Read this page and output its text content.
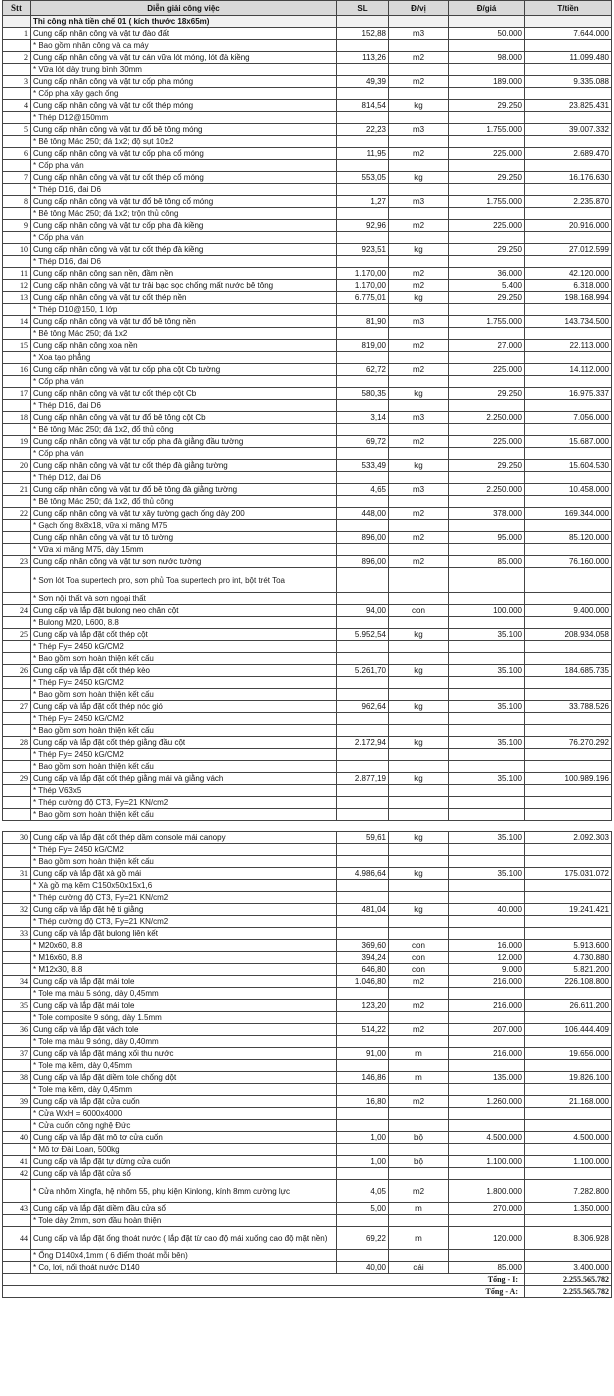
Stt	Diễn giải công việc	SL	Đ/vị	Đ/giá	T/tiền
	Thi công nhà tiền chế 01 ( kích thước 18x65m)				
1	Cung cấp nhân công và vật tư đào đất	152,88	m3	50.000	7.644.000
	* Bao gồm nhân công và ca máy				
2	Cung cấp nhân công và vật tư cán vữa lót móng, lót đà kiềng	113,26	m2	98.000	11.099.480
	* Vữa lót dày trung bình 30mm				
3	Cung cấp nhân công và vật tư cốp pha móng	49,39	m2	189.000	9.335.088
	* Cốp pha xây gạch ống				
4	Cung cấp nhân công và vật tư cốt thép móng	814,54	kg	29.250	23.825.431
	* Thép D12@150mm				
5	Cung cấp nhân công và vật tư đổ bê tông móng	22,23	m3	1.755.000	39.007.332
	* Bê tông Mác 250; đá 1x2; độ sụt 10±2				
6	Cung cấp nhân công và vật tư cốp pha cổ móng	11,95	m2	225.000	2.689.470
	* Cốp pha ván				
7	Cung cấp nhân công và vật tư cốt thép cổ móng	553,05	kg	29.250	16.176.630
	* Thép D16, đai D6				
8	Cung cấp nhân công và vật tư đổ bê tông cổ móng	1,27	m3	1.755.000	2.235.870
	* Bê tông Mác 250; đá 1x2; trộn thủ công				
9	Cung cấp nhân công và vật tư cốp pha đà kiềng	92,96	m2	225.000	20.916.000
	* Cốp pha ván				
10	Cung cấp nhân công và vật tư cốt thép đà kiềng	923,51	kg	29.250	27.012.599
	* Thép D16, đai D6				
11	Cung cấp nhân công san nền, đầm nền	1.170,00	m2	36.000	42.120.000
12	Cung cấp nhân công và vật tư trải bạc sọc chống mất nước bê tông	1.170,00	m2	5.400	6.318.000
13	Cung cấp nhân công và vật tư cốt thép nền	6.775,01	kg	29.250	198.168.994
	* Thép D10@150, 1 lớp				
14	Cung cấp nhân công và vật tư đổ bê tông nền	81,90	m3	1.755.000	143.734.500
	* Bê tông Mác 250; đá 1x2				
15	Cung cấp nhân công xoa nền	819,00	m2	27.000	22.113.000
	* Xoa tạo phẳng				
16	Cung cấp nhân công và vật tư cốp pha cột Cb tường	62,72	m2	225.000	14.112.000
	* Cốp pha ván				
17	Cung cấp nhân công và vật tư cốt thép cột Cb	580,35	kg	29.250	16.975.337
	* Thép D16, đai D6				
18	Cung cấp nhân công và vật tư đổ bê tông cột Cb	3,14	m3	2.250.000	7.056.000
	* Bê tông Mác 250; đá 1x2, đổ thủ công				
19	Cung cấp nhân công và vật tư cốp pha đà giằng đầu tường	69,72	m2	225.000	15.687.000
	* Cốp pha ván				
20	Cung cấp nhân công và vật tư cốt thép đà giằng tường	533,49	kg	29.250	15.604.530
	* Thép D12, đai D6				
21	Cung cấp nhân công và vật tư đổ bê tông đà giằng tường	4,65	m3	2.250.000	10.458.000
	* Bê tông Mác 250; đá 1x2, đổ thủ công				
22	Cung cấp nhân công và vật tư xây tường gạch ống dày 200	448,00	m2	378.000	169.344.000
	* Gạch ống 8x8x18, vữa xi măng M75				
	Cung cấp nhân công và vật tư tô tường	896,00	m2	95.000	85.120.000
	* Vữa xi măng M75, dày 15mm				
23	Cung cấp nhân công và vật tư sơn nước tường	896,00	m2	85.000	76.160.000
	* Sơn lót Toa supertech pro, sơn phủ Toa supertech pro int, bột trét Toa				
	* Sơn nội thất và sơn ngoại thất				
24	Cung cấp và lắp đặt bulong neo chân cột	94,00	con	100.000	9.400.000
	* Bulong M20, L600, 8.8				
25	Cung cấp và lắp đặt cốt thép cột	5.952,54	kg	35.100	208.934.058
	* Thép Fy= 2450 kG/CM2				
	* Bao gồm sơn hoàn thiện kết cấu				
26	Cung cấp và lắp đặt cốt thép kèo	5.261,70	kg	35.100	184.685.735
	* Thép Fy= 2450 kG/CM2				
	* Bao gồm sơn hoàn thiện kết cấu				
27	Cung cấp và lắp đặt cốt thép nóc gió	962,64	kg	35.100	33.788.526
	* Thép Fy= 2450 kG/CM2				
	* Bao gồm sơn hoàn thiện kết cấu				
28	Cung cấp và lắp đặt cốt thép giằng đầu cột	2.172,94	kg	35.100	76.270.292
	* Thép Fy= 2450 kG/CM2				
	* Bao gồm sơn hoàn thiện kết cấu				
29	Cung cấp và lắp đặt cốt thép giằng mái và giằng vách	2.877,19	kg	35.100	100.989.196
	* Thép V63x5				
	* Thép cường độ CT3, Fy=21 KN/cm2				
	* Bao gồm sơn hoàn thiện kết cấu				
30	Cung cấp và lắp đặt cốt thép dầm console mái canopy	59,61	kg	35.100	2.092.303
	* Thép Fy= 2450 kG/CM2				
	* Bao gồm sơn hoàn thiện kết cấu				
31	Cung cấp và lắp đặt xà gồ mái	4.986,64	kg	35.100	175.031.072
	* Xà gồ mạ kẽm C150x50x15x1,6				
	* Thép cường độ CT3, Fy=21 KN/cm2				
32	Cung cấp và lắp đặt hệ ti giằng	481,04	kg	40.000	19.241.421
	* Thép cường độ CT3, Fy=21 KN/cm2				
33	Cung cấp và lắp đặt bulong liên kết				
	* M20x60, 8.8	369,60	con	16.000	5.913.600
	* M16x60, 8.8	394,24	con	12.000	4.730.880
	* M12x30, 8.8	646,80	con	9.000	5.821.200
34	Cung cấp và lắp đặt mái tole	1.046,80	m2	216.000	226.108.800
	* Tole mạ màu 5 sóng, dày 0,45mm				
35	Cung cấp và lắp đặt mái tole	123,20	m2	216.000	26.611.200
	* Tole composite 9 sóng, dày 1.5mm				
36	Cung cấp và lắp đặt vách tole	514,22	m2	207.000	106.444.409
	* Tole mạ màu 9 sóng, dày 0,40mm				
37	Cung cấp và lắp đặt máng xối thu nước	91,00	m	216.000	19.656.000
	* Tole mạ kẽm, dày 0,45mm				
38	Cung cấp và lắp đặt diềm tole chống dột	146,86	m	135.000	19.826.100
	* Tole mạ kẽm, dày 0,45mm				
39	Cung cấp và lắp đặt cửa cuốn	16,80	m2	1.260.000	21.168.000
	* Cửa WxH = 6000x4000				
	* Cửa cuốn công nghệ Đức				
40	Cung cấp và lắp đặt mô tơ cửa cuốn	1,00	bộ	4.500.000	4.500.000
	* Mô tơ Đài Loan, 500kg				
41	Cung cấp và lắp đặt tự dừng cửa cuốn	1,00	bộ	1.100.000	1.100.000
42	Cung cấp và lắp đặt cửa sổ				
	* Cửa nhôm Xingfa, hệ nhôm 55, phụ kiện Kinlong, kính 8mm cường lực	4,05	m2	1.800.000	7.282.800
43	Cung cấp và lắp đặt diềm đầu cửa sổ	5,00	m	270.000	1.350.000
	* Tole dày 2mm, sơn đầu hoàn thiện				
44	Cung cấp và lắp đặt ống thoát nước ( lắp đặt từ cao độ mái xuống cao độ mặt nền)	69,22	m	120.000	8.306.928
	* Ống D140x4,1mm ( 6 điểm thoát mỗi bên)				
	* Co, lơi, nối thoát nước D140	40,00	cái	85.000	3.400.000
Tổng - I:					2.255.565.782
Tổng - A:					2.255.565.782
